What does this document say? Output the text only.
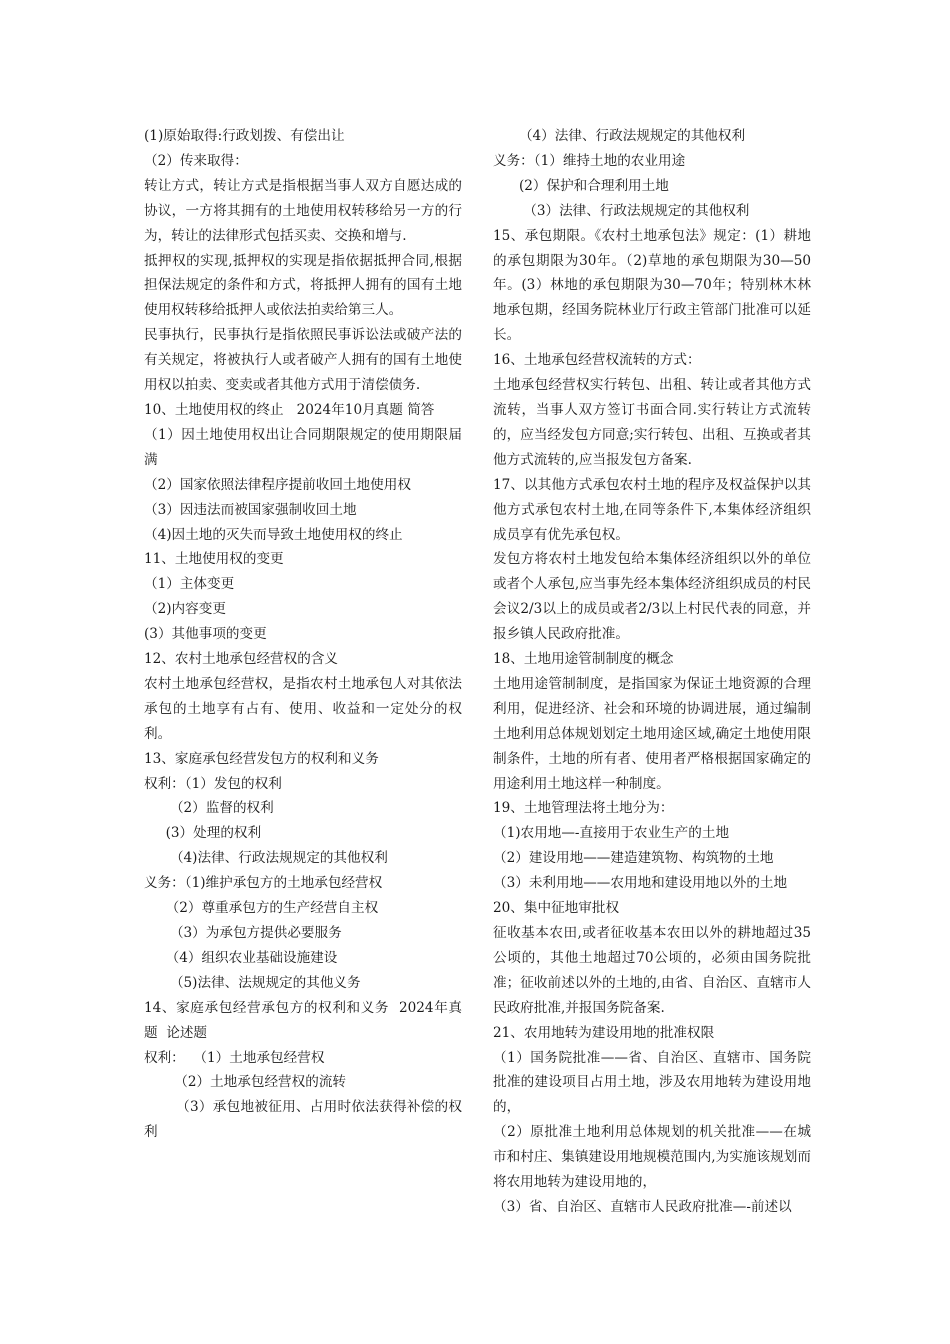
(1)原始取得:行政划拨、有偿出让

（2）传来取得：

转让方式，转让方式是指根据当事人双方自愿达成的协议，一方将其拥有的土地使用权转移给另一方的行为，转让的法律形式包括买卖、交换和增与.

抵押权的实现,抵押权的实现是指依据抵押合同,根据担保法规定的条件和方式，将抵押人拥有的国有土地使用权转移给抵押人或依法拍卖给第三人。

民事执行，民事执行是指依照民事诉讼法或破产法的有关规定，将被执行人或者破产人拥有的国有土地使用权以拍卖、变卖或者其他方式用于清偿债务.

10、土地使用权的终止   2024年10月真题 简答

（1）因土地使用权出让合同期限规定的使用期限届满

（2）国家依照法律程序提前收回土地使用权

（3）因违法而被国家强制收回土地

（4)因土地的灭失而导致土地使用权的终止

11、土地使用权的变更

（1）主体变更

（2)内容变更

(3）其他事项的变更

12、农村土地承包经营权的含义

农村土地承包经营权，是指农村土地承包人对其依法承包的土地享有占有、使用、收益和一定处分的权利。

13、家庭承包经营发包方的权利和义务

权利：（1）发包的权利

（2）监督的权利

(3）处理的权利

（4)法律、行政法规规定的其他权利

义务：（1)维护承包方的土地承包经营权

（2）尊重承包方的生产经营自主权

（3）为承包方提供必要服务

（4）组织农业基础设施建设

（5)法律、法规规定的其他义务

14、家庭承包经营承包方的权利和义务  2024年真题  论述题

权利：  （1）土地承包经营权

（2）土地承包经营权的流转

（3）承包地被征用、占用时依法获得补偿的权利

（4）法律、行政法规规定的其他权利

义务：（1）维持土地的农业用途

(2）保护和合理利用土地

（3）法律、行政法规规定的其他权利

15、承包期限。《农村土地承包法》规定：(1）耕地的承包期限为30年。（2)草地的承包期限为30—50年。(3）林地的承包期限为30—70年；特别林木林地承包期，经国务院林业厅行政主管部门批准可以延长。

16、土地承包经营权流转的方式：

土地承包经营权实行转包、出租、转让或者其他方式流转，当事人双方签订书面合同.实行转让方式流转的，应当经发包方同意;实行转包、出租、互换或者其他方式流转的,应当报发包方备案.

17、以其他方式承包农村土地的程序及权益保护以其他方式承包农村土地,在同等条件下,本集体经济组织成员享有优先承包权。

发包方将农村土地发包给本集体经济组织以外的单位或者个人承包,应当事先经本集体经济组织成员的村民会议2/3以上的成员或者2/3以上村民代表的同意，并报乡镇人民政府批准。

18、土地用途管制制度的概念

土地用途管制制度，是指国家为保证土地资源的合理利用，促进经济、社会和环境的协调进展，通过编制土地利用总体规划划定土地用途区域,确定土地使用限制条件，土地的所有者、使用者严格根据国家确定的用途利用土地这样一种制度。

19、土地管理法将土地分为：

（1)农用地—-直接用于农业生产的土地

（2）建设用地——建造建筑物、构筑物的土地

（3）未利用地——农用地和建设用地以外的土地

20、集中征地审批权

征收基本农田,或者征收基本农田以外的耕地超过35公顷的，其他土地超过70公顷的，必须由国务院批准；征收前述以外的土地的,由省、自治区、直辖市人民政府批准,并报国务院备案.

21、农用地转为建设用地的批准权限

（1）国务院批准——省、自治区、直辖市、国务院批准的建设项目占用土地，涉及农用地转为建设用地的，

（2）原批准土地利用总体规划的机关批准——在城市和村庄、集镇建设用地规模范围内,为实施该规划而将农用地转为建设用地的，

（3）省、自治区、直辖市人民政府批准—-前述以
